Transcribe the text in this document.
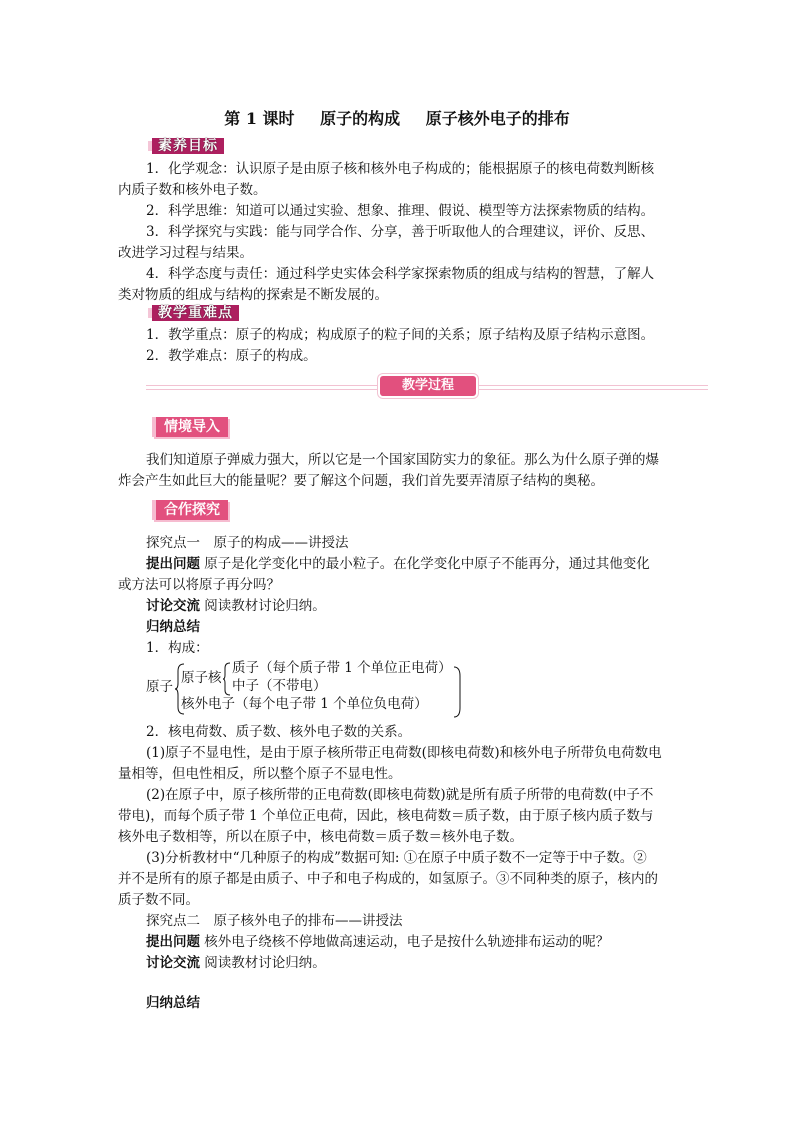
第 1 课时 原子的构成 原子核外电子的排布
素养目标
1．化学观念：认识原子是由原子核和核外电子构成的；能根据原子的核电荷数判断核
内质子数和核外电子数。
2．科学思维：知道可以通过实验、想象、推理、假说、模型等方法探索物质的结构。
3．科学探究与实践：能与同学合作、分享，善于听取他人的合理建议，评价、反思、
改进学习过程与结果。
4．科学态度与责任：通过科学史实体会科学家探索物质的组成与结构的智慧，了解人
类对物质的组成与结构的探索是不断发展的。
教学重难点
1．教学重点：原子的构成；构成原子的粒子间的关系；原子结构及原子结构示意图。
2．教学难点：原子的构成。
教学过程
情境导入
我们知道原子弹威力强大，所以它是一个国家国防实力的象征。那么为什么原子弹的爆
炸会产生如此巨大的能量呢？要了解这个问题，我们首先要弄清原子结构的奥秘。
合作探究
探究点一　原子的构成——讲授法
提出问题 原子是化学变化中的最小粒子。在化学变化中原子不能再分，通过其他变化
或方法可以将原子再分吗？
讨论交流 阅读教材讨论归纳。
归纳总结
1．构成：
原子
原子核
质子（每个质子带 1 个单位正电荷）
中子（不带电）
核外电子（每个电子带 1 个单位负电荷）
2．核电荷数、质子数、核外电子数的关系。
(1)原子不显电性，是由于原子核所带正电荷数(即核电荷数)和核外电子所带负电荷数电
量相等，但电性相反，所以整个原子不显电性。
(2)在原子中，原子核所带的正电荷数(即核电荷数)就是所有质子所带的电荷数(中子不
带电)，而每个质子带 1 个单位正电荷，因此，核电荷数＝质子数，由于原子核内质子数与
核外电子数相等，所以在原子中，核电荷数＝质子数＝核外电子数。
(3)分析教材中“几种原子的构成”数据可知: ①在原子中质子数不一定等于中子数。②
并不是所有的原子都是由质子、中子和电子构成的，如氢原子。③不同种类的原子，核内的
质子数不同。
探究点二　原子核外电子的排布——讲授法
提出问题 核外电子绕核不停地做高速运动，电子是按什么轨迹排布运动的呢？
讨论交流 阅读教材讨论归纳。
归纳总结
